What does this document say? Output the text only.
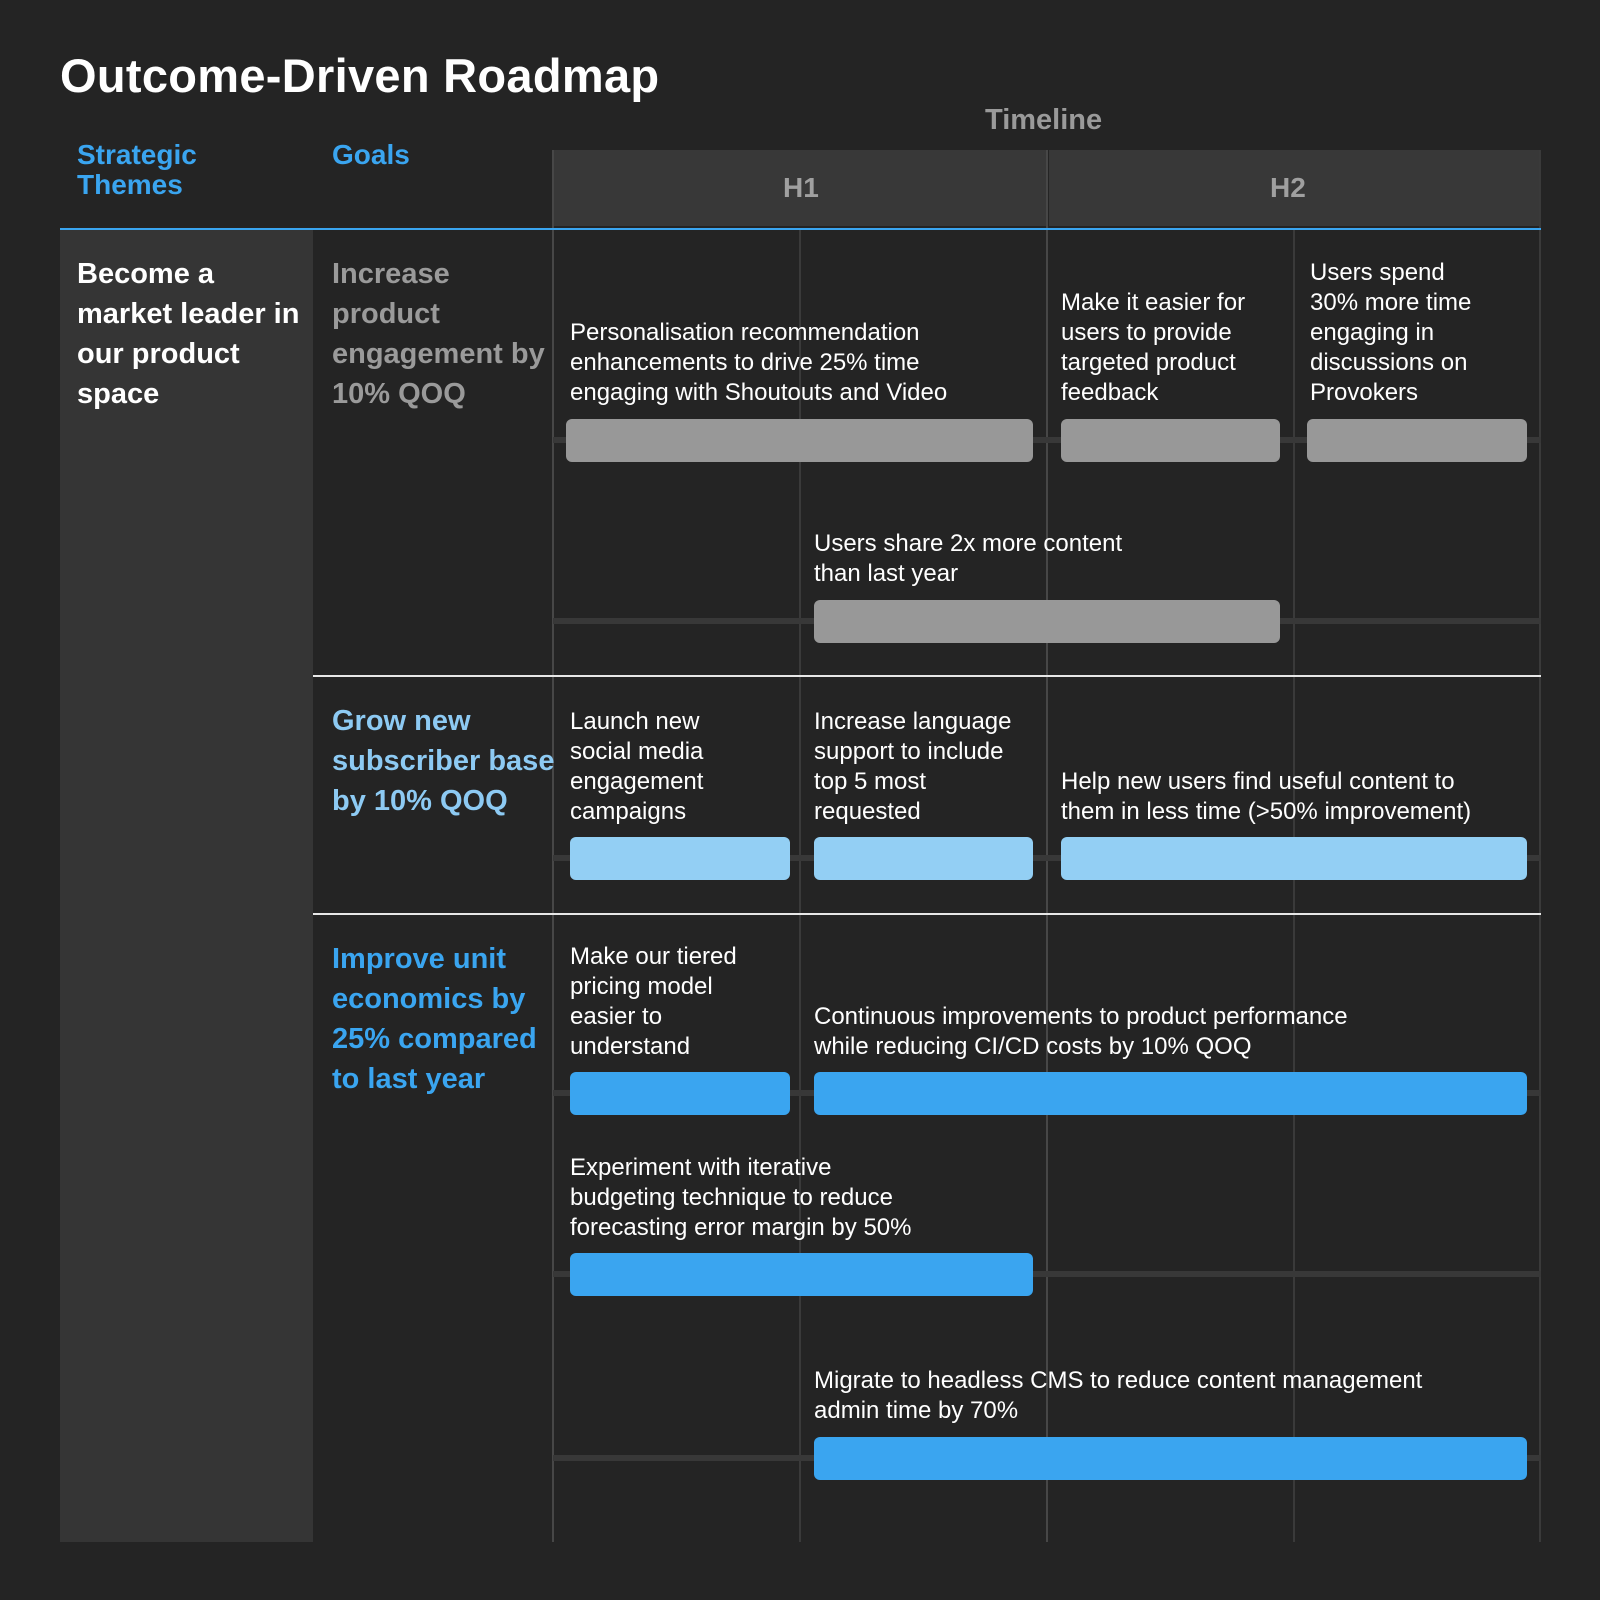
Outcome-Driven Roadmap
Timeline
Strategic
Themes
Goals
H1	H2
Become a market leader in our product space
Increase product engagement by 10% QOQ
Personalisation recommendation
enhancements to drive 25% time
engaging with Shoutouts and Video
Make it easier for
users to provide
targeted product
feedback
Users spend
30% more time
engaging in
discussions on
Provokers
Users share 2x more content
than last year
Grow new subscriber base by 10% QOQ
Launch new
social media
engagement
campaigns
Increase language
support to include
top 5 most
requested
Help new users find useful content to
them in less time (>50% improvement)
Improve unit economics by 25% compared to last year
Make our tiered
pricing model
easier to
understand
Continuous improvements to product performance
while reducing CI/CD costs by 10% QOQ
Experiment with iterative
budgeting technique to reduce
forecasting error margin by 50%
Migrate to headless CMS to reduce content management
admin time by 70%
